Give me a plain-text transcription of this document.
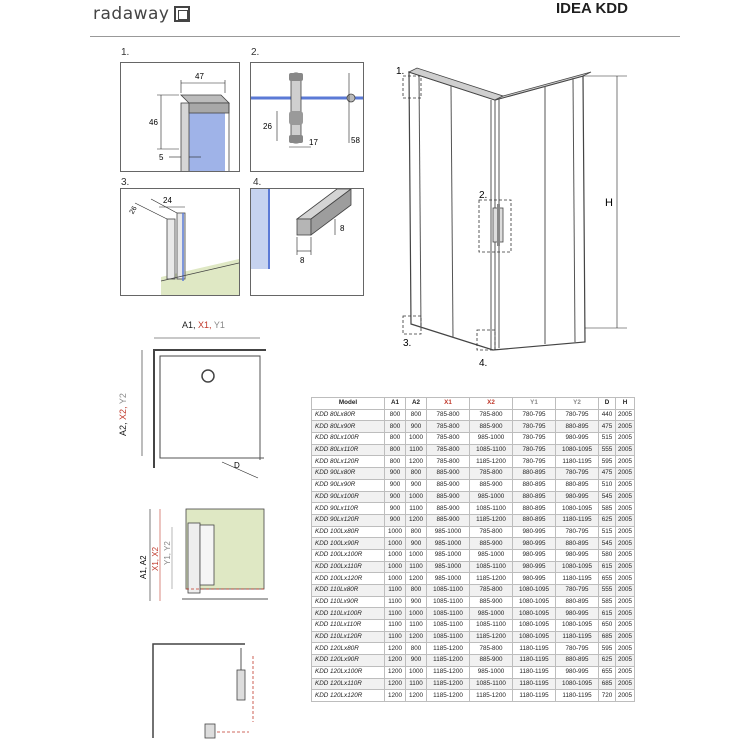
radaway	IDEA KDD
1.
47
46
5
2.
26
17	58
3.
26
24
4.
8
8
1.
2.
3.
4.
H
A1, X1, Y1
A2, X2, Y2
D
A1, A2 X1, X2 Y1, Y2
Model	A1	A2	X1	X2	Y1	Y2	D	H
KDD 80Lx80R	800	800	785-800	785-800	780-795	780-795	440	2005
KDD 80Lx90R	800	900	785-800	885-900	780-795	880-895	475	2005
KDD 80Lx100R	800	1000	785-800	985-1000	780-795	980-995	515	2005
KDD 80Lx110R	800	1100	785-800	1085-1100	780-795	1080-1095	555	2005
KDD 80Lx120R	800	1200	785-800	1185-1200	780-795	1180-1195	595	2005
KDD 90Lx80R	900	800	885-900	785-800	880-895	780-795	475	2005
KDD 90Lx90R	900	900	885-900	885-900	880-895	880-895	510	2005
KDD 90Lx100R	900	1000	885-900	985-1000	880-895	980-995	545	2005
KDD 90Lx110R	900	1100	885-900	1085-1100	880-895	1080-1095	585	2005
KDD 90Lx120R	900	1200	885-900	1185-1200	880-895	1180-1195	625	2005
KDD 100Lx80R	1000	800	985-1000	785-800	980-995	780-795	515	2005
KDD 100Lx90R	1000	900	985-1000	885-900	980-995	880-895	545	2005
KDD 100Lx100R	1000	1000	985-1000	985-1000	980-995	980-995	580	2005
KDD 100Lx110R	1000	1100	985-1000	1085-1100	980-995	1080-1095	615	2005
KDD 100Lx120R	1000	1200	985-1000	1185-1200	980-995	1180-1195	655	2005
KDD 110Lx80R	1100	800	1085-1100	785-800	1080-1095	780-795	555	2005
KDD 110Lx90R	1100	900	1085-1100	885-900	1080-1095	880-895	585	2005
KDD 110Lx100R	1100	1000	1085-1100	985-1000	1080-1095	980-995	615	2005
KDD 110Lx110R	1100	1100	1085-1100	1085-1100	1080-1095	1080-1095	650	2005
KDD 110Lx120R	1100	1200	1085-1100	1185-1200	1080-1095	1180-1195	685	2005
KDD 120Lx80R	1200	800	1185-1200	785-800	1180-1195	780-795	595	2005
KDD 120Lx90R	1200	900	1185-1200	885-900	1180-1195	880-895	625	2005
KDD 120Lx100R	1200	1000	1185-1200	985-1000	1180-1195	980-995	655	2005
KDD 120Lx110R	1200	1100	1185-1200	1085-1100	1180-1195	1080-1095	685	2005
KDD 120Lx120R	1200	1200	1185-1200	1185-1200	1180-1195	1180-1195	720	2005
